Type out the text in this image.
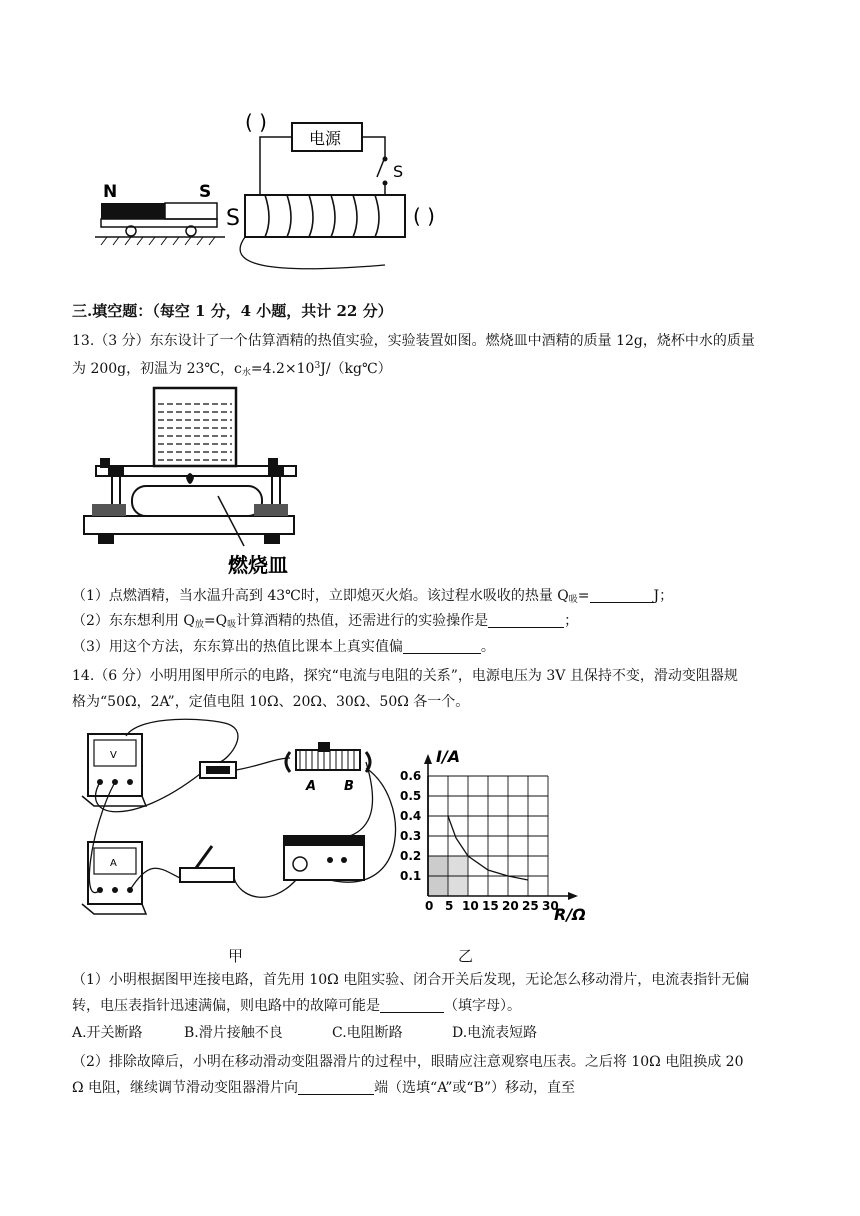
( )
电源
S
S	( )
N	S
三.填空题：（每空 1 分，4 小题，共计 22 分）
13.（3 分）东东设计了一个估算酒精的热值实验，实验装置如图。燃烧皿中酒精的质量 12g，烧杯中水的质量
为 200g，初温为 23℃，$c_水=4.2\times 10^3J/(kg℃)$
燃烧皿
（1）点燃酒精，当水温升高到 43℃时，立即熄灭火焰。该过程水吸收的热量 $Q_吸=$	J；
（2）东东想利用 $Q_放=Q_吸$计算酒精的热值，还需进行的实验操作是	；
（3）用这个方法，东东算出的热值比课本上真实值偏	。
14.（6 分）小明用图甲所示的电路，探究“电流与电阻的关系”，电源电压为 3V 且保持不变，滑动变阻器规
格为“50Ω，2A”，定值电阻 10Ω、20Ω、30Ω、50Ω 各一个。
V
A
A B
0.1
0.2
0.3
0.4
0.5
0.6
0 5 10 15 20 25 30
I/A
R/Ω
甲	乙
（1）小明根据图甲连接电路，首先用 10Ω 电阻实验、闭合开关后发现，无论怎么移动滑片，电流表指针无偏
转，电压表指针迅速满偏，则电路中的故障可能是	（填字母）。
A.开关断路	B.滑片接触不良	C.电阻断路	D.电流表短路
（2）排除故障后，小明在移动滑动变阻器滑片的过程中，眼睛应注意观察电压表。之后将 10Ω 电阻换成 20
Ω 电阻，继续调节滑动变阻器滑片向	端（选填“A”或“B”）移动，直至
